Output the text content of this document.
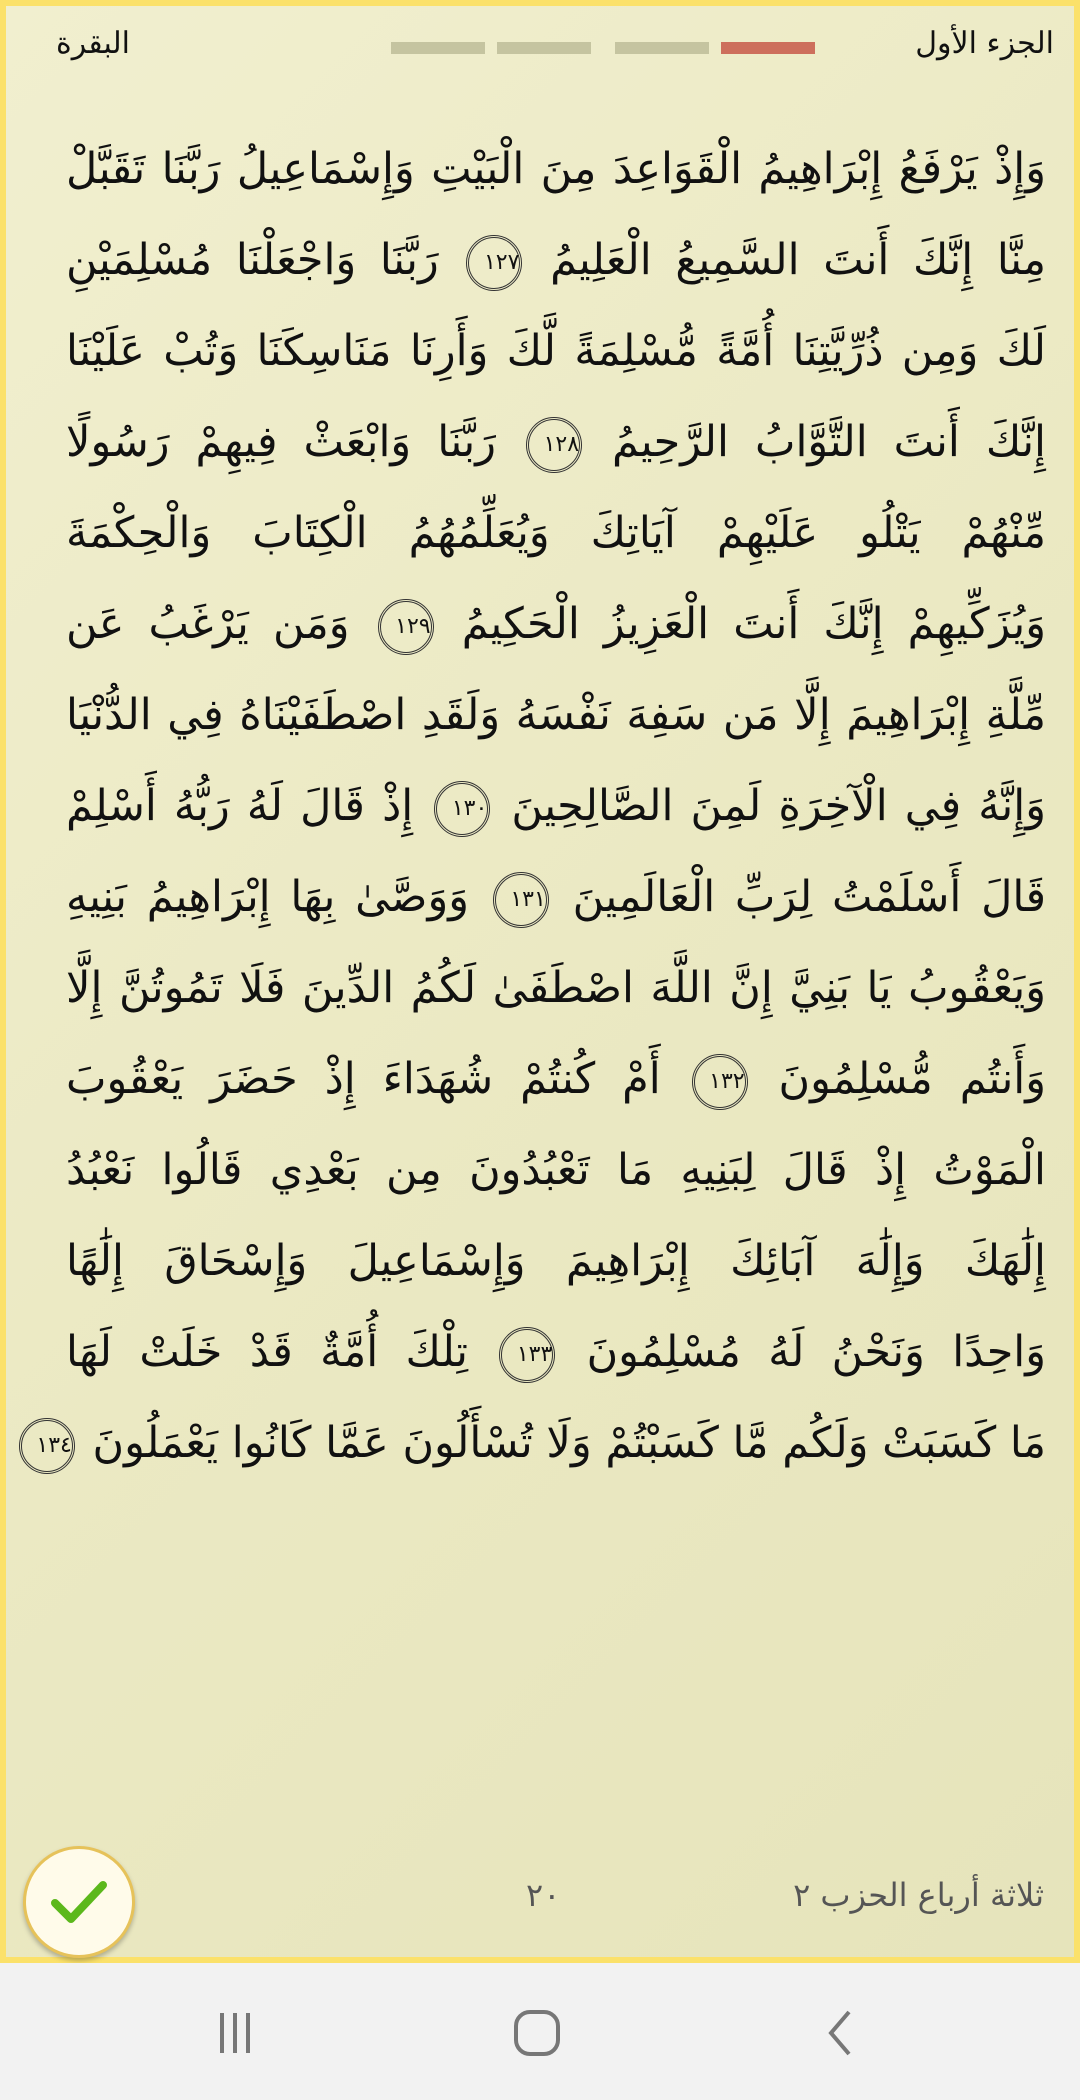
الجزء الأول
البقرة
وَإِذْ يَرْفَعُ إِبْرَاهِيمُ الْقَوَاعِدَ مِنَ الْبَيْتِ وَإِسْمَاعِيلُ رَبَّنَا تَقَبَّلْ
مِنَّا إِنَّكَ أَنتَ السَّمِيعُ الْعَلِيمُ ١٢٧ رَبَّنَا وَاجْعَلْنَا مُسْلِمَيْنِ
لَكَ وَمِن ذُرِّيَّتِنَا أُمَّةً مُّسْلِمَةً لَّكَ وَأَرِنَا مَنَاسِكَنَا وَتُبْ عَلَيْنَا
إِنَّكَ أَنتَ التَّوَّابُ الرَّحِيمُ ١٢٨ رَبَّنَا وَابْعَثْ فِيهِمْ رَسُولًا
مِّنْهُمْ يَتْلُو عَلَيْهِمْ آيَاتِكَ وَيُعَلِّمُهُمُ الْكِتَابَ وَالْحِكْمَةَ
وَيُزَكِّيهِمْ إِنَّكَ أَنتَ الْعَزِيزُ الْحَكِيمُ ١٢٩ وَمَن يَرْغَبُ عَن
مِّلَّةِ إِبْرَاهِيمَ إِلَّا مَن سَفِهَ نَفْسَهُ وَلَقَدِ اصْطَفَيْنَاهُ فِي الدُّنْيَا
وَإِنَّهُ فِي الْآخِرَةِ لَمِنَ الصَّالِحِينَ ١٣٠ إِذْ قَالَ لَهُ رَبُّهُ أَسْلِمْ
قَالَ أَسْلَمْتُ لِرَبِّ الْعَالَمِينَ ١٣١ وَوَصَّىٰ بِهَا إِبْرَاهِيمُ بَنِيهِ
وَيَعْقُوبُ يَا بَنِيَّ إِنَّ اللَّهَ اصْطَفَىٰ لَكُمُ الدِّينَ فَلَا تَمُوتُنَّ إِلَّا
وَأَنتُم مُّسْلِمُونَ ١٣٢ أَمْ كُنتُمْ شُهَدَاءَ إِذْ حَضَرَ يَعْقُوبَ
الْمَوْتُ إِذْ قَالَ لِبَنِيهِ مَا تَعْبُدُونَ مِن بَعْدِي قَالُوا نَعْبُدُ
إِلَٰهَكَ وَإِلَٰهَ آبَائِكَ إِبْرَاهِيمَ وَإِسْمَاعِيلَ وَإِسْحَاقَ إِلَٰهًا
وَاحِدًا وَنَحْنُ لَهُ مُسْلِمُونَ ١٣٣ تِلْكَ أُمَّةٌ قَدْ خَلَتْ لَهَا
مَا كَسَبَتْ وَلَكُم مَّا كَسَبْتُمْ وَلَا تُسْأَلُونَ عَمَّا كَانُوا يَعْمَلُونَ ١٣٤
٢٠	ثلاثة أرباع الحزب ٢
